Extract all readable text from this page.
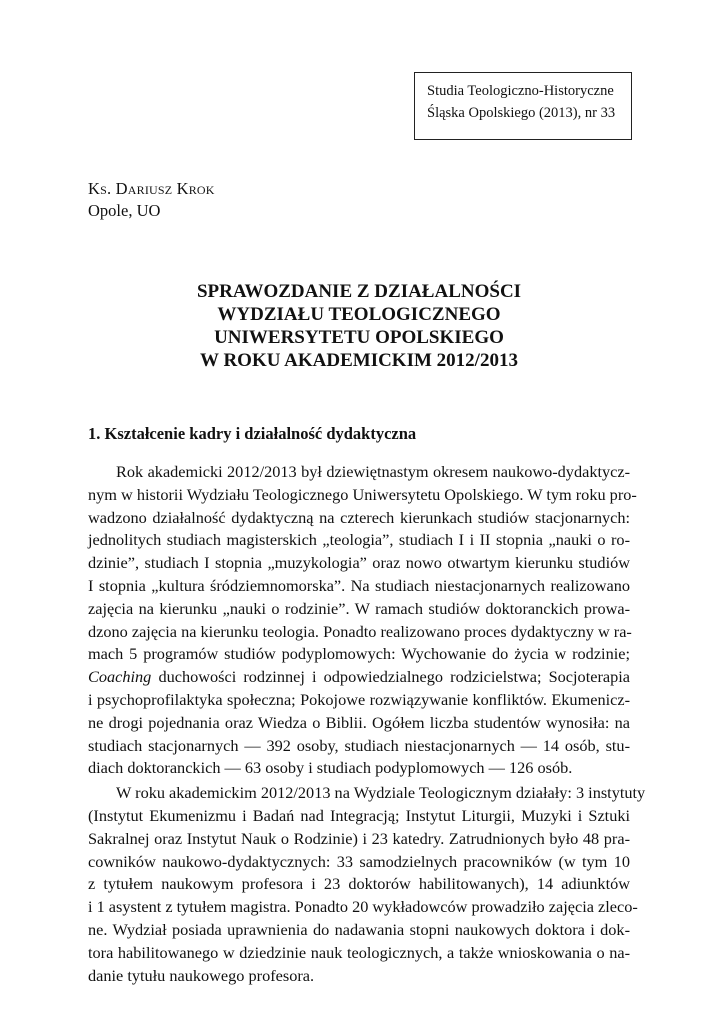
Studia Teologiczno-Historyczne
Śląska Opolskiego (2013), nr 33
Ks. Dariusz Krok
Opole, UO
SPRAWOZDANIE Z DZIAŁALNOŚCI
WYDZIAŁU TEOLOGICZNEGO
UNIWERSYTETU OPOLSKIEGO
W ROKU AKADEMICKIM 2012/2013
1. Kształcenie kadry i działalność dydaktyczna
Rok akademicki 2012/2013 był dziewiętnastym okresem naukowo-dydaktycz-
nym w historii Wydziału Teologicznego Uniwersytetu Opolskiego. W tym roku pro-
wadzono działalność dydaktyczną na czterech kierunkach studiów stacjonarnych:
jednolitych studiach magisterskich „teologia”, studiach I i II stopnia „nauki o ro-
dzinie”, studiach I stopnia „muzykologia” oraz nowo otwartym kierunku studiów
I stopnia „kultura śródziemnomorska”. Na studiach niestacjonarnych realizowano
zajęcia na kierunku „nauki o rodzinie”. W ramach studiów doktoranckich prowa-
dzono zajęcia na kierunku teologia. Ponadto realizowano proces dydaktyczny w ra-
mach 5 programów studiów podyplomowych: Wychowanie do życia w rodzinie;
Coaching duchowości rodzinnej i odpowiedzialnego rodzicielstwa; Socjoterapia
i psychoprofilaktyka społeczna; Pokojowe rozwiązywanie konfliktów. Ekumenicz-
ne drogi pojednania oraz Wiedza o Biblii. Ogółem liczba studentów wynosiła: na
studiach stacjonarnych — 392 osoby, studiach niestacjonarnych — 14 osób, stu-
diach doktoranckich — 63 osoby i studiach podyplomowych — 126 osób.
W roku akademickim 2012/2013 na Wydziale Teologicznym działały: 3 instytuty
(Instytut Ekumenizmu i Badań nad Integracją; Instytut Liturgii, Muzyki i Sztuki
Sakralnej oraz Instytut Nauk o Rodzinie) i 23 katedry. Zatrudnionych było 48 pra-
cowników naukowo-dydaktycznych: 33 samodzielnych pracowników (w tym 10
z tytułem naukowym profesora i 23 doktorów habilitowanych), 14 adiunktów
i 1 asystent z tytułem magistra. Ponadto 20 wykładowców prowadziło zajęcia zleco-
ne. Wydział posiada uprawnienia do nadawania stopni naukowych doktora i dok-
tora habilitowanego w dziedzinie nauk teologicznych, a także wnioskowania o na-
danie tytułu naukowego profesora.
